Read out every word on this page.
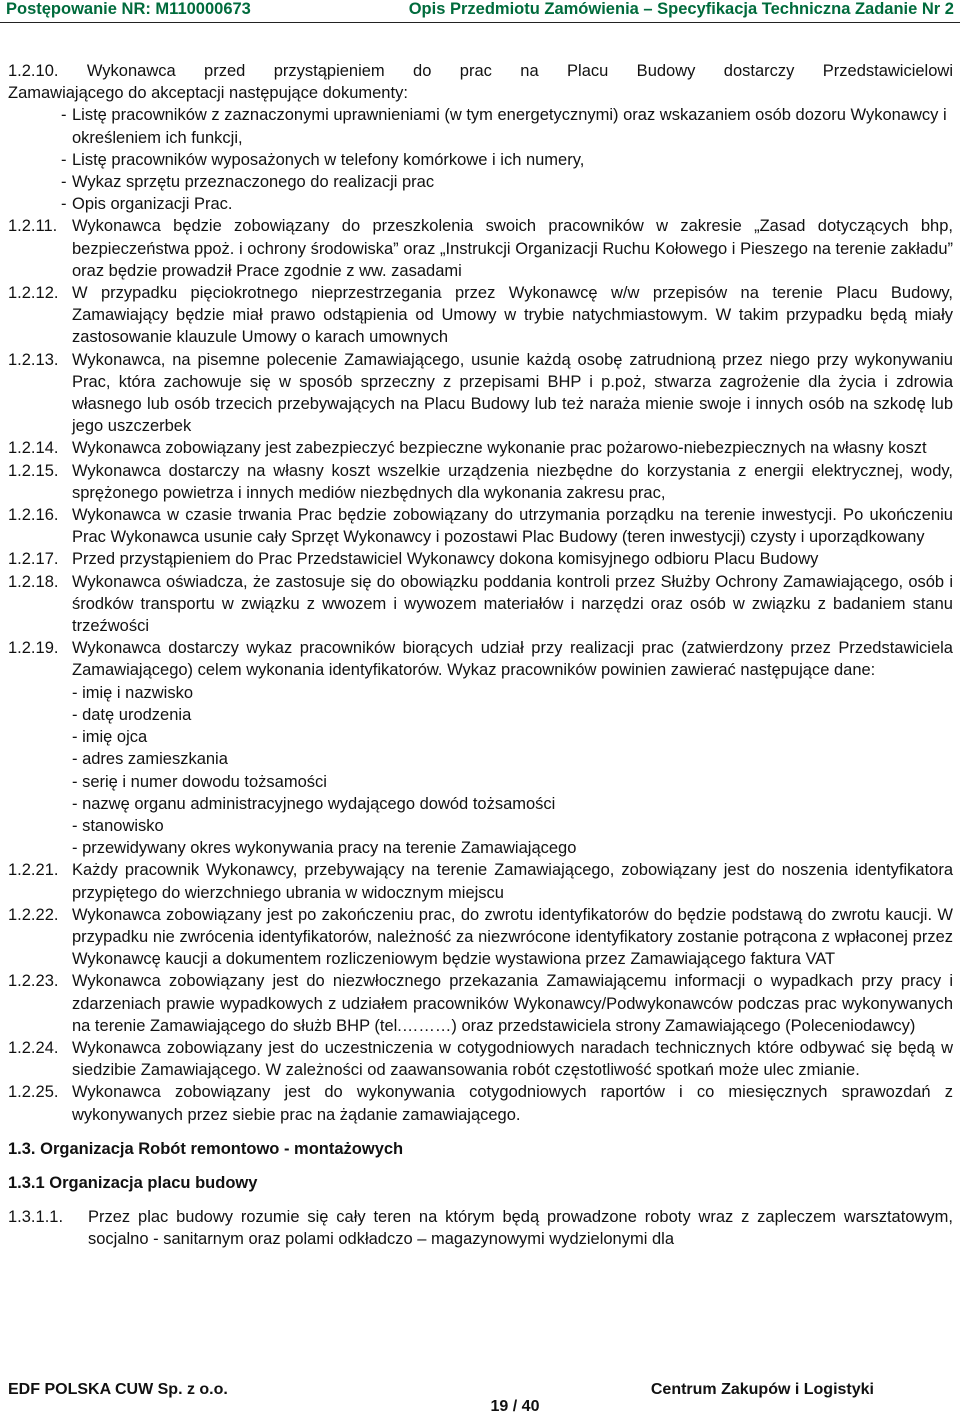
Postępowanie NR: M110000673	Opis Przedmiotu Zamówienia – Specyfikacja Techniczna Zadanie Nr 2
1.2.10. Wykonawca przed przystąpieniem do prac na Placu Budowy dostarczy Przedstawicielowi
Zamawiającego do akceptacji następujące dokumenty:
- Listę pracowników z zaznaczonymi uprawnieniami (w tym energetycznymi) oraz wskazaniem osób dozoru Wykonawcy i określeniem ich funkcji,
- Listę pracowników wyposażonych w telefony komórkowe i ich numery,
- Wykaz sprzętu przeznaczonego do realizacji prac
- Opis organizacji Prac.
1.2.11. Wykonawca będzie zobowiązany do przeszkolenia swoich pracowników w zakresie „Zasad dotyczących bhp, bezpieczeństwa ppoż. i ochrony środowiska” oraz „Instrukcji Organizacji Ruchu Kołowego i Pieszego na terenie zakładu” oraz będzie prowadził Prace zgodnie z ww. zasadami
1.2.12. W przypadku pięciokrotnego nieprzestrzegania przez Wykonawcę w/w przepisów na terenie Placu Budowy, Zamawiający będzie miał prawo odstąpienia od Umowy w trybie natychmiastowym. W takim przypadku będą miały zastosowanie klauzule Umowy o karach umownych
1.2.13. Wykonawca, na pisemne polecenie Zamawiającego, usunie każdą osobę zatrudnioną przez niego przy wykonywaniu Prac, która zachowuje się w sposób sprzeczny z przepisami BHP i p.poż, stwarza zagrożenie dla życia i zdrowia własnego lub osób trzecich przebywających na Placu Budowy lub też naraża mienie swoje i innych osób na szkodę lub jego uszczerbek
1.2.14. Wykonawca zobowiązany jest zabezpieczyć bezpieczne wykonanie prac pożarowo-niebezpiecznych na własny koszt
1.2.15. Wykonawca dostarczy na własny koszt wszelkie urządzenia niezbędne do korzystania z energii elektrycznej, wody, sprężonego powietrza i innych mediów niezbędnych dla wykonania zakresu prac,
1.2.16. Wykonawca w czasie trwania Prac będzie zobowiązany do utrzymania porządku na terenie inwestycji. Po ukończeniu Prac Wykonawca usunie cały Sprzęt Wykonawcy i pozostawi Plac Budowy (teren inwestycji) czysty i uporządkowany
1.2.17. Przed przystąpieniem do Prac Przedstawiciel Wykonawcy dokona komisyjnego odbioru Placu Budowy
1.2.18. Wykonawca oświadcza, że zastosuje się do obowiązku poddania kontroli przez Służby Ochrony Zamawiającego, osób i środków transportu w związku z wwozem i wywozem materiałów i narzędzi oraz osób w związku z badaniem stanu trzeźwości
1.2.19. Wykonawca dostarczy wykaz pracowników biorących udział przy realizacji prac (zatwierdzony przez Przedstawiciela Zamawiającego) celem wykonania identyfikatorów. Wykaz pracowników powinien zawierać następujące dane:
- imię i nazwisko
- datę urodzenia
- imię ojca
- adres zamieszkania
- serię i numer dowodu tożsamości
- nazwę organu administracyjnego wydającego dowód tożsamości
- stanowisko
- przewidywany okres wykonywania pracy na terenie Zamawiającego
1.2.21. Każdy pracownik Wykonawcy, przebywający na terenie Zamawiającego, zobowiązany jest do noszenia identyfikatora przypiętego do wierzchniego ubrania w widocznym miejscu
1.2.22. Wykonawca zobowiązany jest po zakończeniu prac, do zwrotu identyfikatorów do będzie podstawą do zwrotu kaucji. W przypadku nie zwrócenia identyfikatorów, należność za niezwrócone identyfikatory zostanie potrącona z wpłaconej przez Wykonawcę kaucji a dokumentem rozliczeniowym będzie wystawiona przez Zamawiającego faktura VAT
1.2.23. Wykonawca zobowiązany jest do niezwłocznego przekazania Zamawiającemu informacji o wypadkach przy pracy i zdarzeniach prawie wypadkowych z udziałem pracowników Wykonawcy/Podwykonawców podczas prac wykonywanych na terenie Zamawiającego do służb BHP (tel.………) oraz przedstawiciela strony Zamawiającego (Poleceniodawcy)
1.2.24. Wykonawca zobowiązany jest do uczestniczenia w cotygodniowych naradach technicznych które odbywać się będą w siedzibie Zamawiającego. W zależności od zaawansowania robót częstotliwość spotkań może ulec zmianie.
1.2.25. Wykonawca zobowiązany jest do wykonywania cotygodniowych raportów i co miesięcznych sprawozdań z wykonywanych przez siebie prac na żądanie zamawiającego.
1.3. Organizacja Robót remontowo - montażowych
1.3.1 Organizacja placu budowy
1.3.1.1.	Przez plac budowy rozumie się cały teren na którym będą prowadzone roboty wraz z zapleczem warsztatowym, socjalno - sanitarnym oraz polami odkładczo – magazynowymi wydzielonymi dla
EDF POLSKA CUW Sp. z o.o.	Centrum Zakupów i Logistyki
19 / 40
